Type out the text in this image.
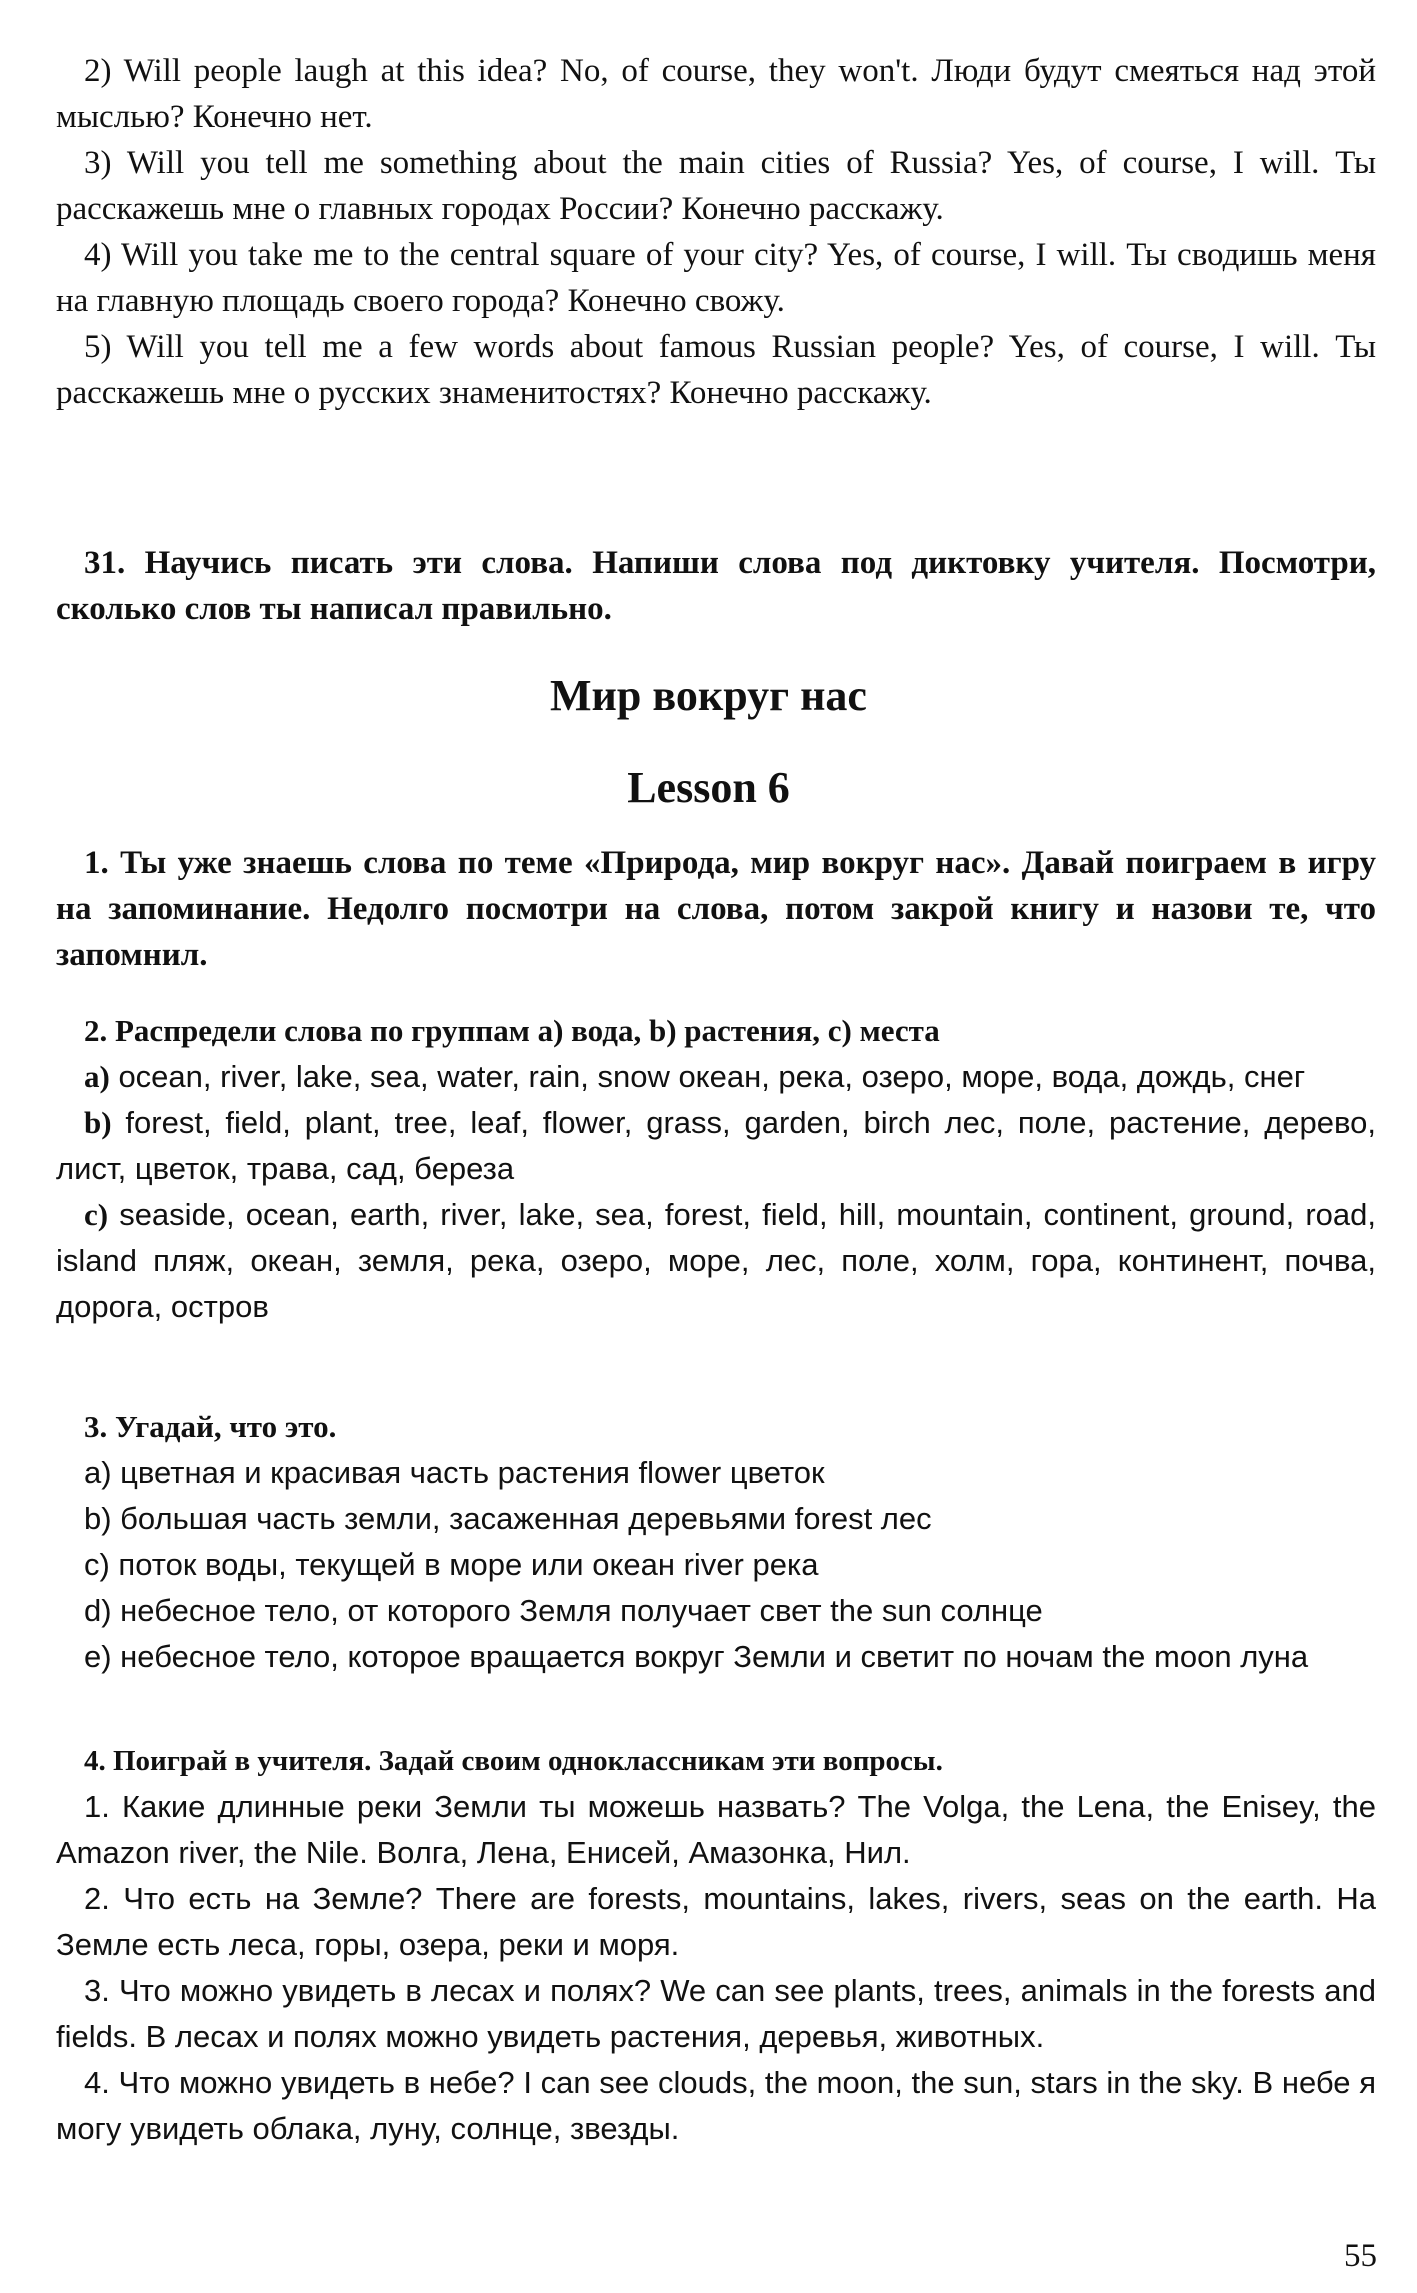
2) Will people laugh at this idea? No, of course, they won't. Люди будут смеяться над этой мыслью? Конечно нет.

3) Will you tell me something about the main cities of Russia? Yes, of course, I will. Ты расскажешь мне о главных городах России? Конечно расскажу.

4) Will you take me to the central square of your city? Yes, of course, I will. Ты сводишь меня на главную площадь своего города? Конечно свожу.

5) Will you tell me a few words about famous Russian people? Yes, of course, I will. Ты расскажешь мне о русских знаменитостях? Конечно расскажу.

31. Научись писать эти слова. Напиши слова под диктовку учителя. Посмотри, сколько слов ты написал правильно.

Мир вокруг нас
Lesson 6

1. Ты уже знаешь слова по теме «Природа, мир вокруг нас». Давай поиграем в игру на запоминание. Недолго посмотри на слова, потом закрой книгу и назови те, что запомнил.

2. Распредели слова по группам a) вода, b) растения, c) места

a) ocean, river, lake, sea, water, rain, snow океан, река, озеро, море, вода, дождь, снег

b) forest, field, plant, tree, leaf, flower, grass, garden, birch лес, поле, растение, дерево, лист, цветок, трава, сад, береза

c) seaside, ocean, earth, river, lake, sea, forest, field, hill, mountain, continent, ground, road, island пляж, океан, земля, река, озеро, море, лес, поле, холм, гора, континент, почва, дорога, остров

3. Угадай, что это.

a) цветная и красивая часть растения flower цветок

b) большая часть земли, засаженная деревьями forest лес

c) поток воды, текущей в море или океан river река

d) небесное тело, от которого Земля получает свет the sun солнце

e) небесное тело, которое вращается вокруг Земли и светит по ночам the moon луна

4. Поиграй в учителя. Задай своим одноклассникам эти вопросы.

1. Какие длинные реки Земли ты можешь назвать? The Volga, the Lena, the Enisey, the Amazon river, the Nile. Волга, Лена, Енисей, Амазонка, Нил.

2. Что есть на Земле? There are forests, mountains, lakes, rivers, seas on the earth. На Земле есть леса, горы, озера, реки и моря.

3. Что можно увидеть в лесах и полях? We can see plants, trees, animals in the forests and fields. В лесах и полях можно увидеть растения, деревья, животных.

4. Что можно увидеть в небе? I can see clouds, the moon, the sun, stars in the sky. В небе я могу увидеть облака, луну, солнце, звезды.

55
